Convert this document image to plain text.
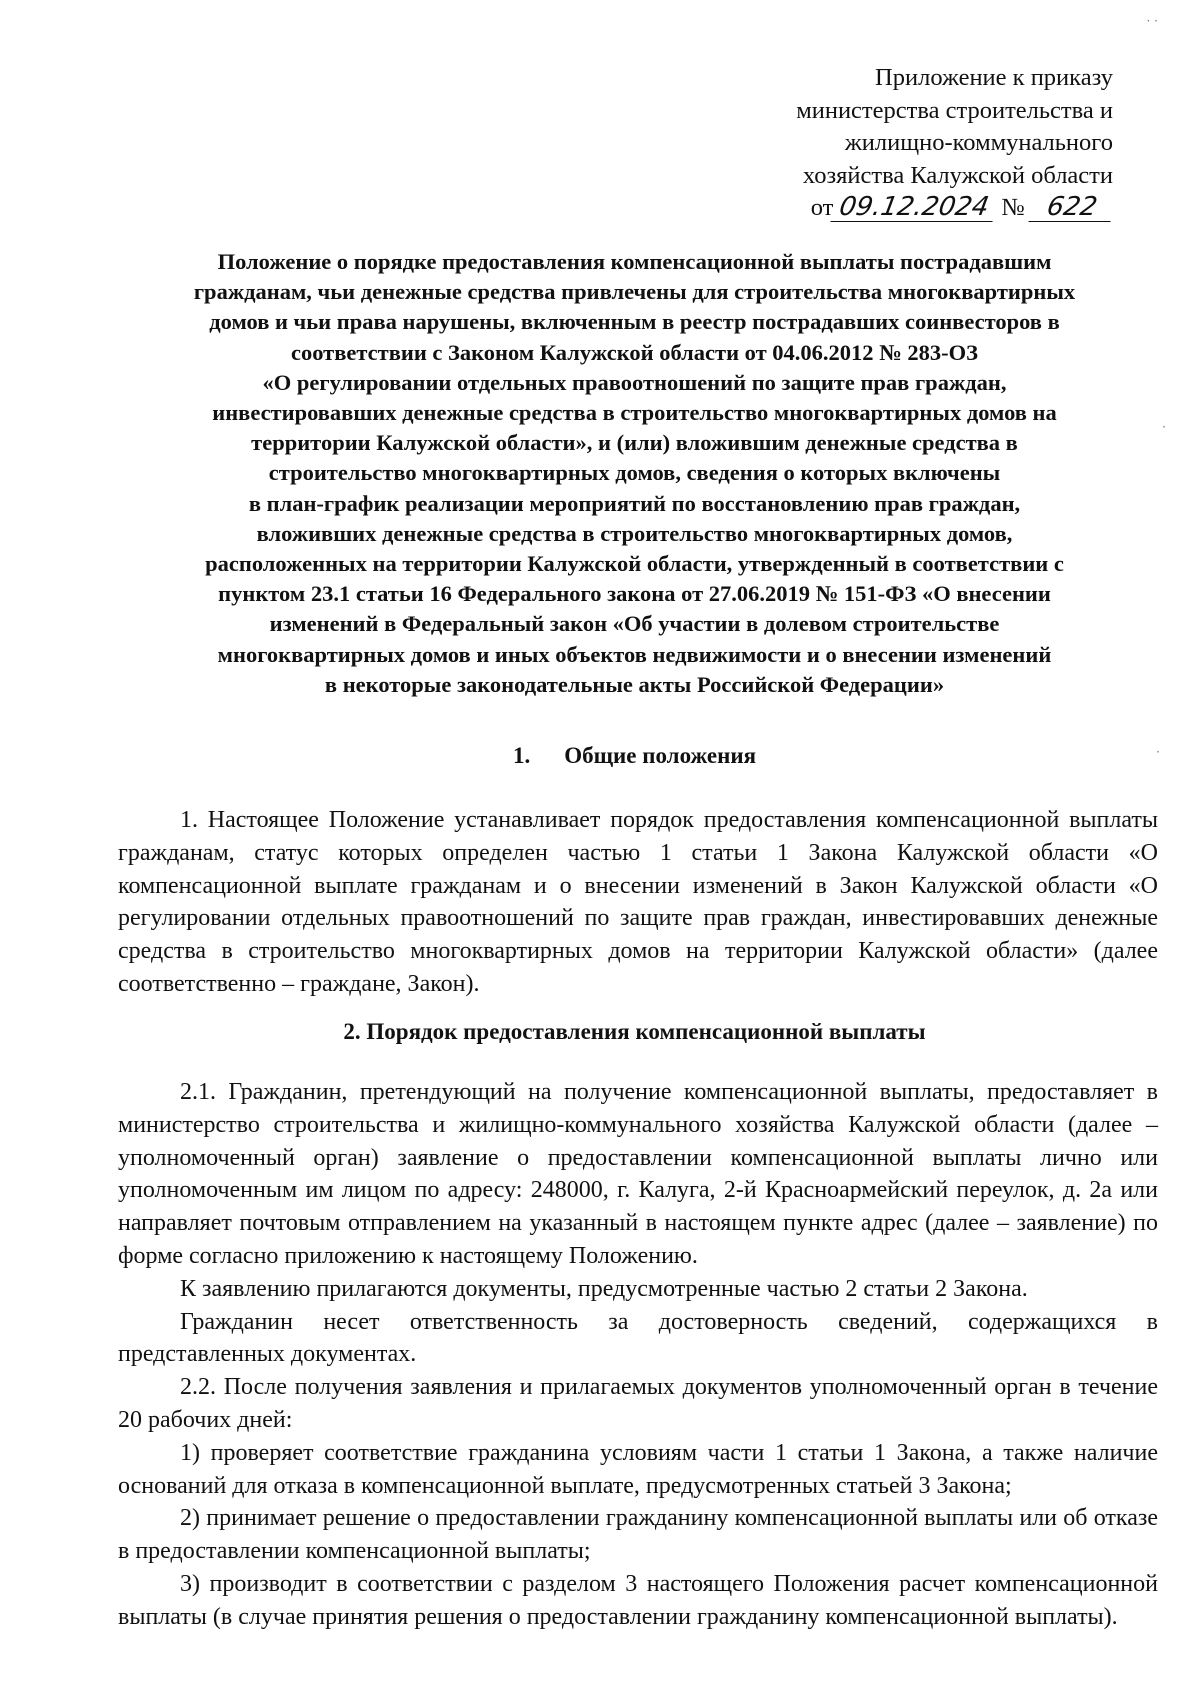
Приложение к приказу
министерства строительства и
жилищно-коммунального
хозяйства Калужской области
от 09.12.2024 № 622
Положение о порядке предоставления компенсационной выплаты пострадавшим
гражданам, чьи денежные средства привлечены для строительства многоквартирных
домов и чьи права нарушены, включенным в реестр пострадавших соинвесторов в
соответствии с Законом Калужской области от 04.06.2012 № 283-ОЗ
«О регулировании отдельных правоотношений по защите прав граждан,
инвестировавших денежные средства в строительство многоквартирных домов на
территории Калужской области», и (или) вложившим денежные средства в
строительство многоквартирных домов, сведения о которых включены
в план-график реализации мероприятий по восстановлению прав граждан,
вложивших денежные средства в строительство многоквартирных домов,
расположенных на территории Калужской области, утвержденный в соответствии с
пунктом 23.1 статьи 16 Федерального закона от 27.06.2019 № 151-ФЗ «О внесении
изменений в Федеральный закон «Об участии в долевом строительстве
многоквартирных домов и иных объектов недвижимости и о внесении изменений
в некоторые законодательные акты Российской Федерации»
1. Общие положения

1. Настоящее Положение устанавливает порядок предоставления компенсационной выплаты гражданам, статус которых определен частью 1 статьи 1 Закона Калужской области «О компенсационной выплате гражданам и о внесении изменений в Закон Калужской области «О регулировании отдельных правоотношений по защите прав граждан, инвестировавших денежные средства в строительство многоквартирных домов на территории Калужской области» (далее соответственно – граждане, Закон).

2. Порядок предоставления компенсационной выплаты

2.1. Гражданин, претендующий на получение компенсационной выплаты, предоставляет в министерство строительства и жилищно-коммунального хозяйства Калужской области (далее – уполномоченный орган) заявление о предоставлении компенсационной выплаты лично или уполномоченным им лицом по адресу: 248000, г. Калуга, 2-й Красноармейский переулок, д. 2а или направляет почтовым отправлением на указанный в настоящем пункте адрес (далее – заявление) по форме согласно приложению к настоящему Положению.

К заявлению прилагаются документы, предусмотренные частью 2 статьи 2 Закона.

Гражданин несет ответственность за достоверность сведений, содержащихся в представленных документах.

2.2. После получения заявления и прилагаемых документов уполномоченный орган в течение 20 рабочих дней:

1) проверяет соответствие гражданина условиям части 1 статьи 1 Закона, а также наличие оснований для отказа в компенсационной выплате, предусмотренных статьей 3 Закона;

2) принимает решение о предоставлении гражданину компенсационной выплаты или об отказе в предоставлении компенсационной выплаты;

3) производит в соответствии с разделом 3 настоящего Положения расчет компенсационной выплаты (в случае принятия решения о предоставлении гражданину компенсационной выплаты).

· ·
·
·
